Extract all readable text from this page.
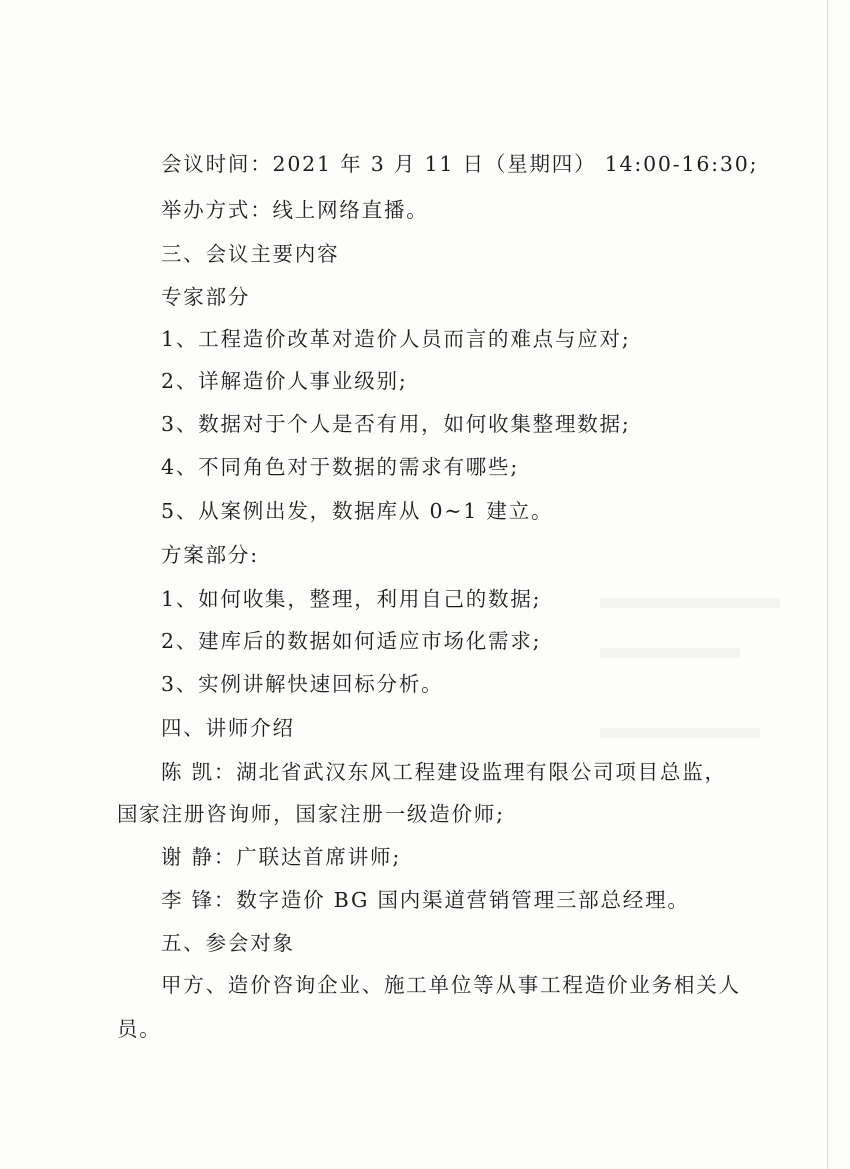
会议时间：2021 年 3 月 11 日（星期四） 14:00-16:30;
举办方式：线上网络直播。
三、会议主要内容
专家部分
1、工程造价改革对造价人员而言的难点与应对;
2、详解造价人事业级别;
3、数据对于个人是否有用，如何收集整理数据;
4、不同角色对于数据的需求有哪些;
5、从案例出发，数据库从 0~1 建立。
方案部分:
1、如何收集，整理，利用自己的数据;
2、建库后的数据如何适应市场化需求;
3、实例讲解快速回标分析。
四、讲师介绍
陈 凯：湖北省武汉东风工程建设监理有限公司项目总监，
国家注册咨询师，国家注册一级造价师;
谢 静：广联达首席讲师;
李 锋：数字造价 BG 国内渠道营销管理三部总经理。
五、参会对象
甲方、造价咨询企业、施工单位等从事工程造价业务相关人
员。
